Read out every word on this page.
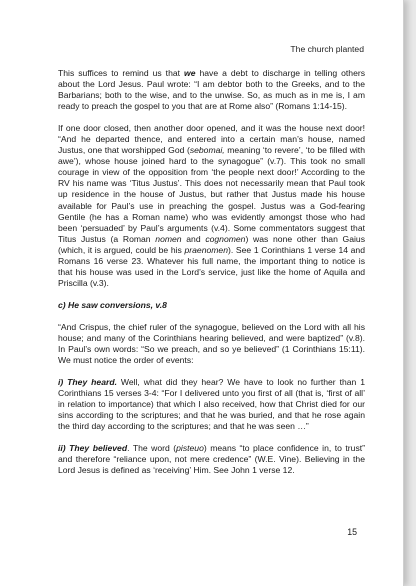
The church planted

This suffices to remind us that we have a debt to discharge in telling others about the Lord Jesus. Paul wrote: “I am debtor both to the Greeks, and to the Barbarians; both to the wise, and to the unwise. So, as much as in me is, I am ready to preach the gospel to you that are at Rome also” (Romans 1:14-15).

If one door closed, then another door opened, and it was the house next door! “And he departed thence, and entered into a certain man’s house, named Justus, one that worshipped God (sebomai, meaning ‘to revere’, ‘to be filled with awe’), whose house joined hard to the synagogue” (v.7). This took no small courage in view of the opposition from ‘the people next door!’ According to the RV his name was ‘Titus Justus’. This does not necessarily mean that Paul took up residence in the house of Justus, but rather that Justus made his house available for Paul’s use in preaching the gospel. Justus was a God-fearing Gentile (he has a Roman name) who was evidently amongst those who had been ‘persuaded’ by Paul’s arguments (v.4). Some commentators suggest that Titus Justus (a Roman nomen and cognomen) was none other than Gaius (which, it is argued, could be his praenomen). See 1 Corinthians 1 verse 14 and Romans 16 verse 23. Whatever his full name, the important thing to notice is that his house was used in the Lord’s service, just like the home of Aquila and Priscilla (v.3).

c) He saw conversions, v.8

“And Crispus, the chief ruler of the synagogue, believed on the Lord with all his house; and many of the Corinthians hearing believed, and were baptized” (v.8). In Paul’s own words: “So we preach, and so ye believed” (1 Corinthians 15:11). We must notice the order of events:

i) They heard. Well, what did they hear? We have to look no further than 1 Corinthians 15 verses 3-4: “For I delivered unto you first of all (that is, ‘first of all’ in relation to importance) that which I also received, how that Christ died for our sins according to the scriptures; and that he was buried, and that he rose again the third day according to the scriptures; and that he was seen …”

ii) They believed. The word (pisteuo) means “to place confidence in, to trust” and therefore “reliance upon, not mere credence” (W.E. Vine). Believing in the Lord Jesus is defined as ‘receiving’ Him. See John 1 verse 12.

15
